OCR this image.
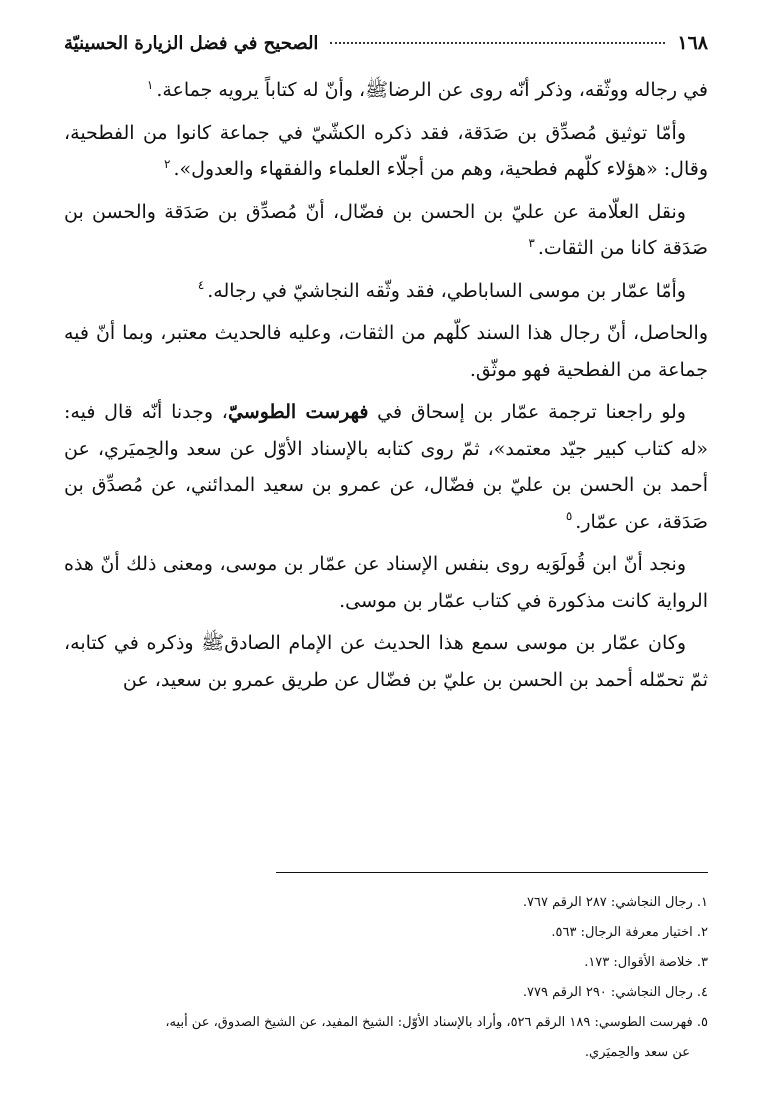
١٦٨
الصحيح في فضل الزيارة الحسينيّة

في رجاله ووثّقه، وذكر أنّه روى عن الرضاﷺ، وأنّ له كتاباً يرويه جماعة.$^١$

وأمّا توثيق مُصدِّق بن صَدَقة، فقد ذكره الكشّيّ في جماعة كانوا من الفطحية، وقال: «هؤلاء كلّهم فطحية، وهم من أجلّاء العلماء والفقهاء والعدول».$^٢$

ونقل العلّامة عن عليّ بن الحسن بن فضّال، أنّ مُصدِّق بن صَدَقة والحسن بن صَدَقة كانا من الثقات.$^٣$

وأمّا عمّار بن موسى الساباطي، فقد وثّقه النجاشيّ في رجاله.$^٤$

والحاصل، أنّ رجال هذا السند كلّهم من الثقات، وعليه فالحديث معتبر، وبما أنّ فيه جماعة من الفطحية فهو موثّق.

ولو راجعنا ترجمة عمّار بن إسحاق في فهرست الطوسيّ، وجدنا أنّه قال فيه: «له كتاب كبير جيّد معتمد»، ثمّ روى كتابه بالإسناد الأوّل عن سعد والحِميَري، عن أحمد بن الحسن بن عليّ بن فضّال، عن عمرو بن سعيد المدائني، عن مُصدِّق بن صَدَقة، عن عمّار.$^٥$

ونجد أنّ ابن قُولَوَيه روى بنفس الإسناد عن عمّار بن موسى، ومعنى ذلك أنّ هذه الرواية كانت مذكورة في كتاب عمّار بن موسى.

وكان عمّار بن موسى سمع هذا الحديث عن الإمام الصادقﷺ وذكره في كتابه، ثمّ تحمّله أحمد بن الحسن بن عليّ بن فضّال عن طريق عمرو بن سعيد، عن

١. رجال النجاشي: ٢٨٧ الرقم ٧٦٧.
٢. اختيار معرفة الرجال: ٥٦٣.
٣. خلاصة الأقوال: ١٧٣.
٤. رجال النجاشي: ٢٩٠ الرقم ٧٧٩.
٥. فهرست الطوسي: ١٨٩ الرقم ٥٢٦، وأراد بالإسناد الأوّل: الشيخ المفيد، عن الشيخ الصدوق، عن أبيه،
عن سعد والحِميَري.
